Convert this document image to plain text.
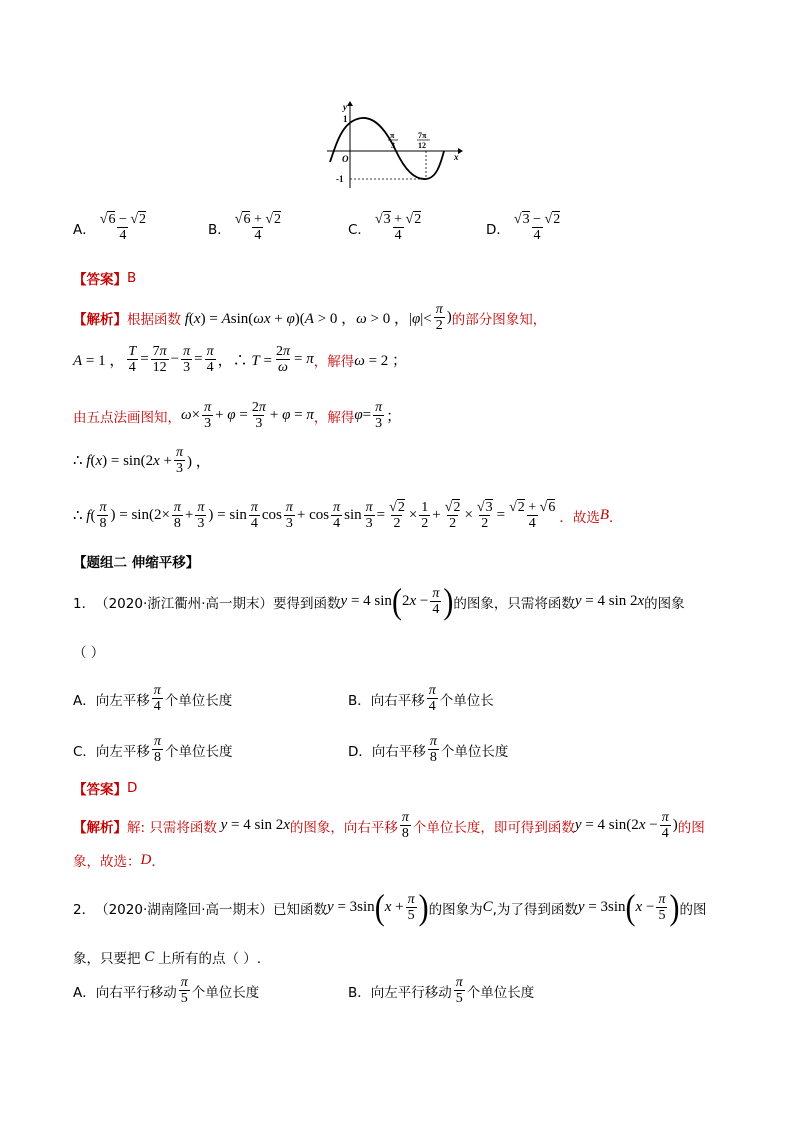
y
x
O
1
-1
π
3
7π
12
A． $\frac{√6 - √2}{4}$	B． $\frac{√6 + √2}{4}$	C． $\frac{√3 + √2}{4}$	D． $\frac{√3 - √2}{4}$
【答案】 B
【解析】 根据函数 f(x) = Asin(ωx + φ)(A > 0 ，ω > 0 ，$|\varphi|< \frac{\pi}{2}$ ) 的部分图象知，
A = 1 ， $\frac{T}{4} = \frac{7\pi}{12} - \frac{\pi}{3} = \frac{\pi}{4}$ ，∴ $T = \frac{2\pi}{\omega} = \pi$ ，解得 ω = 2 ；
由五点法画图知， $\omega\times \frac{\pi}{3} + \varphi = \frac{2\pi}{3} + \varphi = \pi$ ，解得 $\varphi= \frac{\pi}{3}$ ；
∴ $f(x) = \sin(2x + \frac{\pi}{3}$ ) ，
∴ $f( \frac{\pi}{8}$ ) = $\sin(2\times \frac{\pi}{8} + \frac{\pi}{3}$ ) = $\sin \frac{\pi}{4}$ $\cos \frac{\pi}{3} + \cos \frac{\pi}{4}$ $\sin \frac{\pi}{3} = \frac{√2}{2} \times \frac{1}{2} + \frac{√2}{2} \times \frac{√3}{2} = \frac{√2 + √6}{4}$ ．故选 B ．
【题组二 伸缩平移】
1． （2020·浙江衢州·高一期末） 要得到函数 y = 4 sin ( $2x - \frac{\pi}{4}$ ) 的图象，只需将函数 y = 4 sin 2x 的图象
（ ）
A．向左平移 $\frac{\pi}{4}$ 个单位长度	B．向右平移 $\frac{\pi}{4}$ 个单位长
C．向左平移 $\frac{\pi}{8}$ 个单位长度	D．向右平移 $\frac{\pi}{8}$ 个单位长度
【答案】 D
【解析】 解: 只需将函数 y = 4 sin 2x 的图象，向右平移 $\frac{\pi}{8}$ 个单位长度，即可得到函数 y = 4 $\sin(2x - \frac{\pi}{4}$ ) 的图
象，故选： D ．
2． （2020·湖南隆回·高一期末） 已知函数 y = 3sin ( $x + \frac{\pi}{5}$ ) 的图象为 C ,为了得到函数 y = 3sin ( $x - \frac{\pi}{5}$ ) 的图
象，只要把
C
上所有的点（ ）.
A．向右平行移动 $\frac{\pi}{5}$ 个单位长度	B．向左平行移动 $\frac{\pi}{5}$ 个单位长度
